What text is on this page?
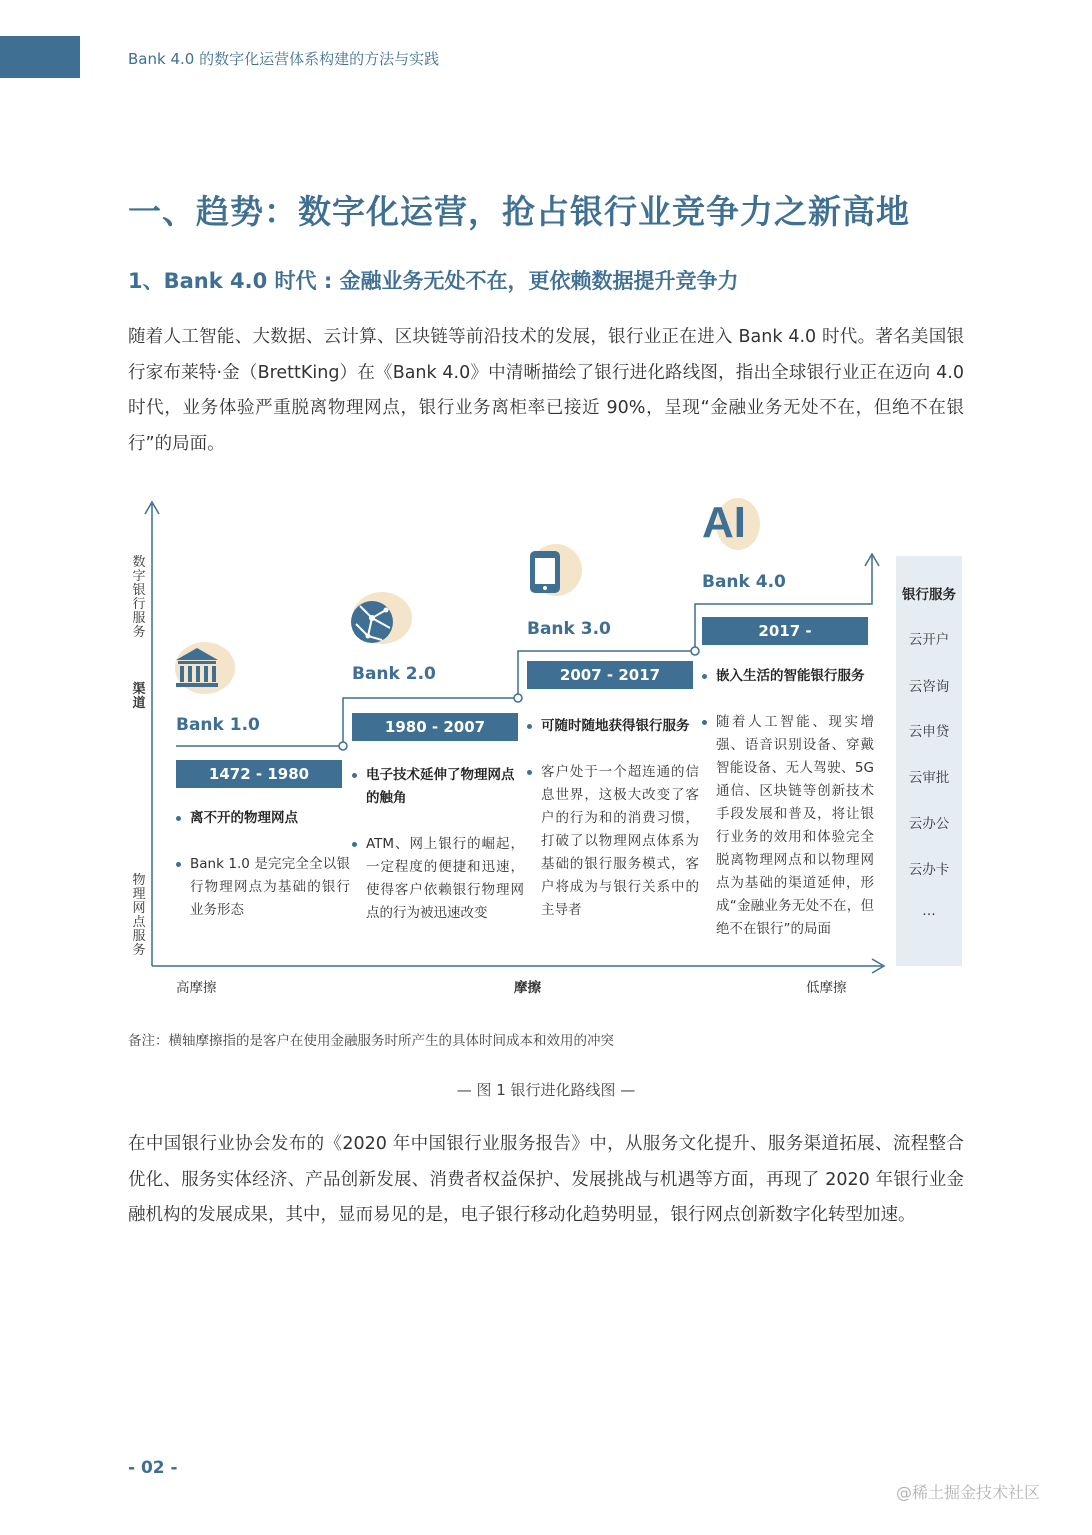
Bank 4.0 的数字化运营体系构建的方法与实践
一、趋势：数字化运营，抢占银行业竞争力之新高地
1、Bank 4.0 时代 : 金融业务无处不在，更依赖数据提升竞争力
随着人工智能、大数据、云计算、区块链等前沿技术的发展，银行业正在进入 Bank 4.0 时代。著名美国银行家布莱特·金（BrettKing）在《Bank 4.0》中清晰描绘了银行进化路线图，指出全球银行业正在迈向 4.0 时代，业务体验严重脱离物理网点，银行业务离柜率已接近 90%，呈现“金融业务无处不在，但绝不在银行”的局面。
AI
数字银行服务
渠道
物理网点服务
高摩擦	摩擦	低摩擦
Bank 1.0
1472 - 1980
离不开的物理网点
Bank 1.0 是完完全全以银行物理网点为基础的银行业务形态
Bank 2.0
1980 - 2007
电子技术延伸了物理网点的触角
ATM、网上银行的崛起，一定程度的便捷和迅速，使得客户依赖银行物理网点的行为被迅速改变
Bank 3.0
2007 - 2017
可随时随地获得银行服务
客户处于一个超连通的信息世界，这极大改变了客户的行为和的消费习惯，打破了以物理网点体系为基础的银行服务模式，客户将成为与银行关系中的主导者
Bank 4.0
2017 -
嵌入生活的智能银行服务
随着人工智能、现实增强、语音识别设备、穿戴智能设备、无人驾驶、5G 通信、区块链等创新技术手段发展和普及，将让银行业务的效用和体验完全脱离物理网点和以物理网点为基础的渠道延伸，形成“金融业务无处不在，但绝不在银行”的局面
银行服务
云开户
云咨询
云申贷
云审批
云办公
云办卡
…
备注：横轴摩擦指的是客户在使用金融服务时所产生的具体时间成本和效用的冲突
— 图 1 银行进化路线图 —
在中国银行业协会发布的《2020 年中国银行业服务报告》中，从服务文化提升、服务渠道拓展、流程整合优化、服务实体经济、产品创新发展、消费者权益保护、发展挑战与机遇等方面，再现了 2020 年银行业金融机构的发展成果，其中，显而易见的是，电子银行移动化趋势明显，银行网点创新数字化转型加速。
- 02 -
@稀土掘金技术社区
